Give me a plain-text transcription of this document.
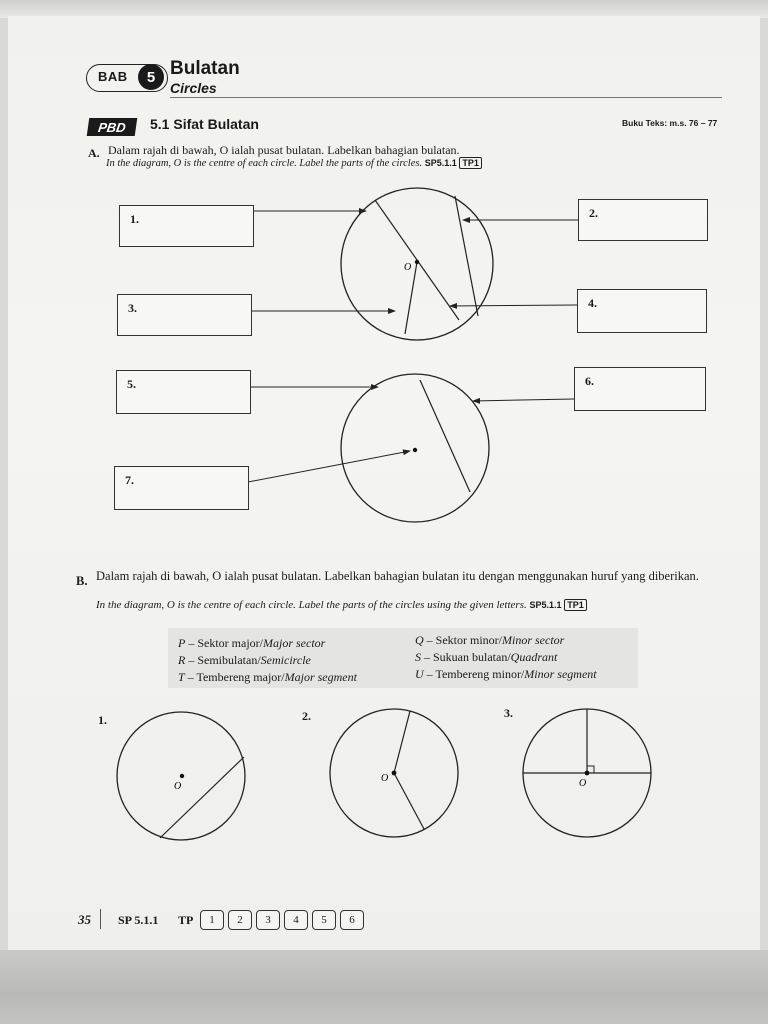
BAB	5 Bulatan
Circles
PBD	5.1 Sifat Bulatan	Buku Teks: m.s. 76 – 77
A. Dalam rajah di bawah, O ialah pusat bulatan. Labelkan bahagian bulatan.
In the diagram, O is the centre of each circle. Label the parts of the circles. SP5.1.1 TP1
O
1.	2.
3.	4.
5.	6.
7.
B. Dalam rajah di bawah, O ialah pusat bulatan. Labelkan bahagian bulatan itu dengan menggunakan huruf yang diberikan.
In the diagram, O is the centre of each circle. Label the parts of the circles using the given letters. SP5.1.1 TP1
P – Sektor major/Major sector
R – Semibulatan/Semicircle
T – Tembereng major/Major segment
Q – Sektor minor/Minor sector
S – Sukuan bulatan/Quadrant
U – Tembereng minor/Minor segment
1.	2.	3.
O
O	O
35 SP 5.1.1 TP	1	2	3	4	5	6
